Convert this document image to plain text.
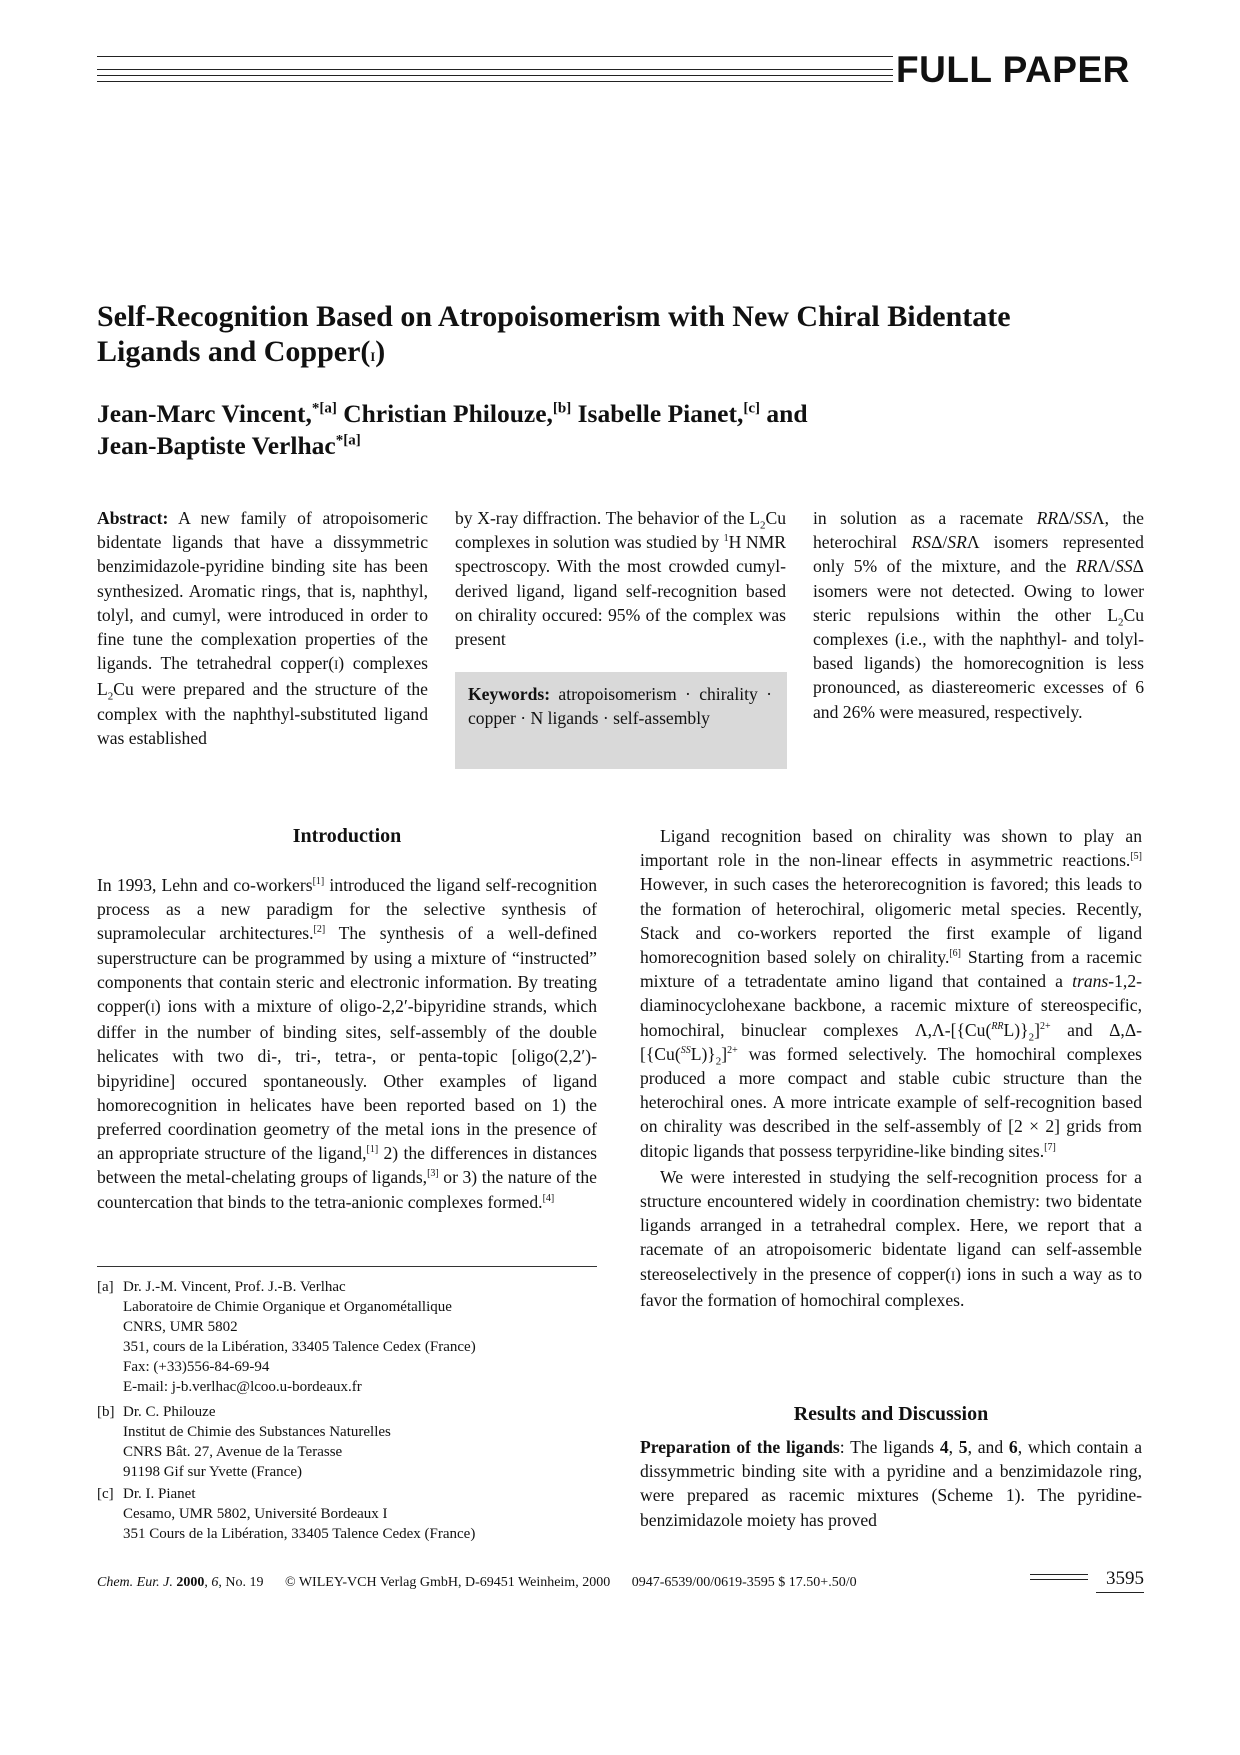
FULL PAPER
Self-Recognition Based on Atropoisomerism with New Chiral Bidentate
Ligands and Copper(I)
Jean-Marc Vincent,$^{*[a]}$ Christian Philouze,[b] Isabelle Pianet,[c] and
Jean-Baptiste Verlhac$^{*[a]}$
Abstract: A new family of atropoisomeric bidentate ligands that have a dissymmetric benzimidazole-pyridine binding site has been synthesized. Aromatic rings, that is, naphthyl, tolyl, and cumyl, were introduced in order to fine tune the complexation properties of the ligands. The tetrahedral copper(I) complexes $L_2Cu$ were prepared and the structure of the complex with the naphthyl-substituted ligand was established
by X-ray diffraction. The behavior of the $L_2Cu$ complexes in solution was studied by $^1$H NMR spectroscopy. With the most crowded cumyl-derived ligand, ligand self-recognition based on chirality occured: 95% of the complex was present
in solution as a racemate RRΔ/SSΛ, the heterochiral RSΔ/SRΛ isomers represented only 5% of the mixture, and the RRΛ/SSΔ isomers were not detected. Owing to lower steric repulsions within the other $L_2Cu$ complexes (i.e., with the naphthyl- and tolyl-based ligands) the homorecognition is less pronounced, as diastereomeric excesses of 6 and 26% were measured, respectively.
Keywords: atropoisomerism · chirality · copper · N ligands · self-assembly
Introduction

In 1993, Lehn and co-workers[1] introduced the ligand self-recognition process as a new paradigm for the selective synthesis of supramolecular architectures.[2] The synthesis of a well-defined superstructure can be programmed by using a mixture of “instructed” components that contain steric and electronic information. By treating copper(I) ions with a mixture of oligo-2,2′-bipyridine strands, which differ in the number of binding sites, self-assembly of the double helicates with two di-, tri-, tetra-, or penta-topic [oligo(2,2′)-bipyridine] occured spontaneously. Other examples of ligand homorecognition in helicates have been reported based on 1) the preferred coordination geometry of the metal ions in the presence of an appropriate structure of the ligand,[1] 2) the differences in distances between the metal-chelating groups of ligands,[3] or 3) the nature of the countercation that binds to the tetra-anionic complexes formed.[4]

Ligand recognition based on chirality was shown to play an important role in the non-linear effects in asymmetric reactions.[5] However, in such cases the heterorecognition is favored; this leads to the formation of heterochiral, oligomeric metal species. Recently, Stack and co-workers reported the first example of ligand homorecognition based solely on chirality.[6] Starting from a racemic mixture of a tetradentate amino ligand that contained a trans-1,2-diaminocyclohexane backbone, a racemic mixture of stereospecific, homochiral, binuclear complexes $\Lambda,\Lambda-[\{Cu(^{RR}L)\}_2]^{2+}$ and $\Delta,\Delta-[\{Cu(^{SS}L)\}_2]^{2+}$ was formed selectively. The homochiral complexes produced a more compact and stable cubic structure than the heterochiral ones. A more intricate example of self-recognition based on chirality was described in the self-assembly of [2 × 2] grids from ditopic ligands that possess terpyridine-like binding sites.[7]

We were interested in studying the self-recognition process for a structure encountered widely in coordination chemistry: two bidentate ligands arranged in a tetrahedral complex. Here, we report that a racemate of an atropoisomeric bidentate ligand can self-assemble stereoselectively in the presence of copper(I) ions in such a way as to favor the formation of homochiral complexes.

Results and Discussion
Preparation of the ligands: The ligands 4, 5, and 6, which contain a dissymmetric binding site with a pyridine and a benzimidazole ring, were prepared as racemic mixtures (Scheme 1). The pyridine-benzimidazole moiety has proved
[a] Dr. J.-M. Vincent, Prof. J.-B. Verlhac
Laboratoire de Chimie Organique et Organométallique
CNRS, UMR 5802
351, cours de la Libération, 33405 Talence Cedex (France)
Fax: (+33)556-84-69-94
E-mail: j-b.verlhac@lcoo.u-bordeaux.fr
[b] Dr. C. Philouze
Institut de Chimie des Substances Naturelles
CNRS Bât. 27, Avenue de la Terasse
91198 Gif sur Yvette (France)
[c] Dr. I. Pianet
Cesamo, UMR 5802, Université Bordeaux I
351 Cours de la Libération, 33405 Talence Cedex (France)
Chem. Eur. J. 2000, 6, No. 19 © WILEY-VCH Verlag GmbH, D-69451 Weinheim, 2000 0947-6539/00/0619-3595 $ 17.50+.50/0	3595
